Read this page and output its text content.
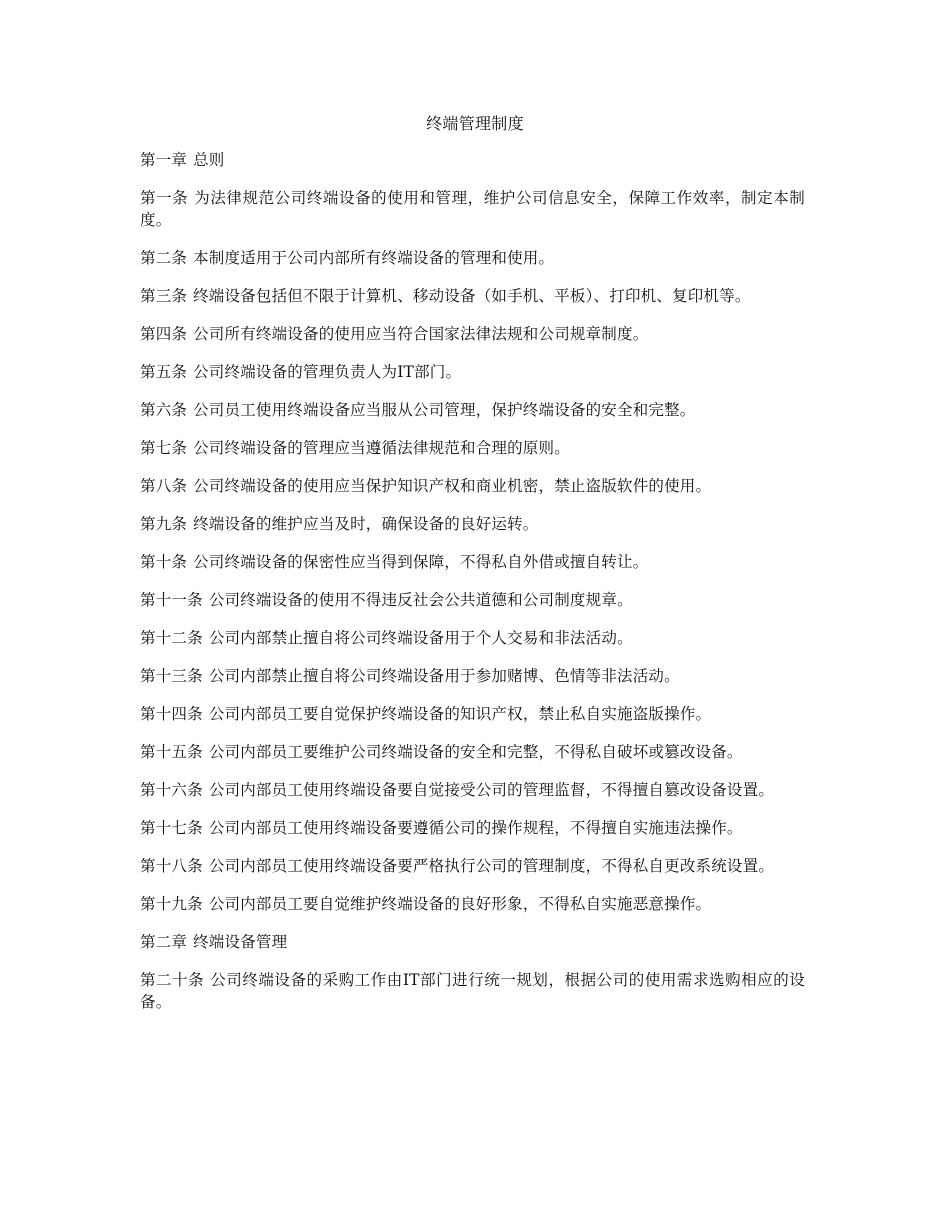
终端管理制度

第一章 总则

第一条 为法律规范公司终端设备的使用和管理，维护公司信息安全，保障工作效率，制定本制度。

第二条 本制度适用于公司内部所有终端设备的管理和使用。

第三条 终端设备包括但不限于计算机、移动设备（如手机、平板）、打印机、复印机等。

第四条 公司所有终端设备的使用应当符合国家法律法规和公司规章制度。

第五条 公司终端设备的管理负责人为IT部门。

第六条 公司员工使用终端设备应当服从公司管理，保护终端设备的安全和完整。

第七条 公司终端设备的管理应当遵循法律规范和合理的原则。

第八条 公司终端设备的使用应当保护知识产权和商业机密，禁止盗版软件的使用。

第九条 终端设备的维护应当及时，确保设备的良好运转。

第十条 公司终端设备的保密性应当得到保障，不得私自外借或擅自转让。

第十一条 公司终端设备的使用不得违反社会公共道德和公司制度规章。

第十二条 公司内部禁止擅自将公司终端设备用于个人交易和非法活动。

第十三条 公司内部禁止擅自将公司终端设备用于参加赌博、色情等非法活动。

第十四条 公司内部员工要自觉保护终端设备的知识产权，禁止私自实施盗版操作。

第十五条 公司内部员工要维护公司终端设备的安全和完整，不得私自破坏或篡改设备。

第十六条 公司内部员工使用终端设备要自觉接受公司的管理监督，不得擅自篡改设备设置。

第十七条 公司内部员工使用终端设备要遵循公司的操作规程，不得擅自实施违法操作。

第十八条 公司内部员工使用终端设备要严格执行公司的管理制度，不得私自更改系统设置。

第十九条 公司内部员工要自觉维护终端设备的良好形象，不得私自实施恶意操作。

第二章 终端设备管理

第二十条 公司终端设备的采购工作由IT部门进行统一规划，根据公司的使用需求选购相应的设备。
